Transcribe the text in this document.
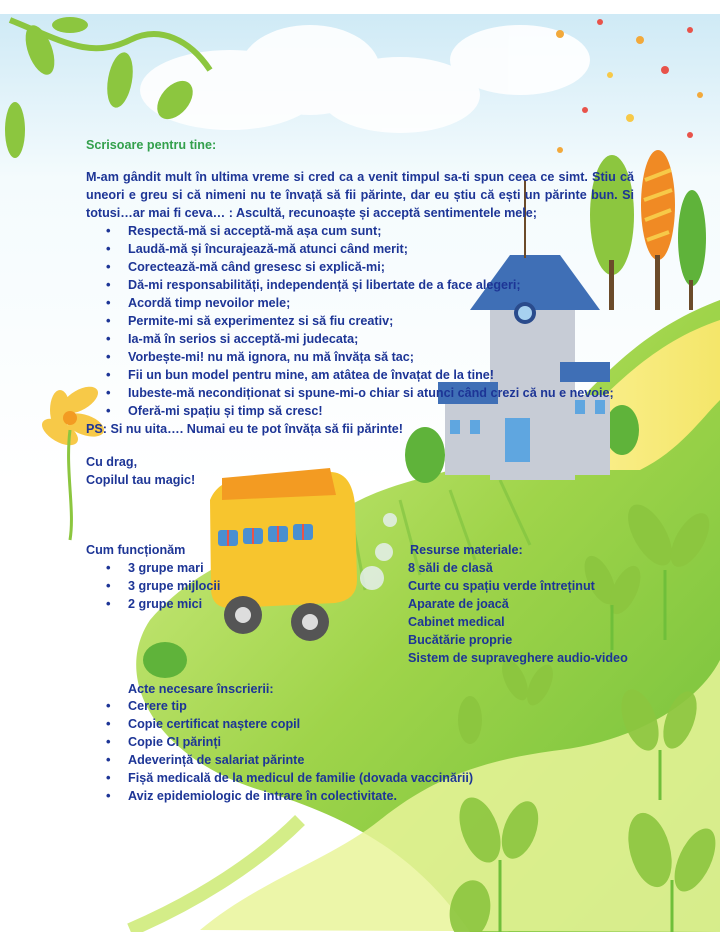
Scrisoare pentru tine:
M-am gândit mult în ultima vreme si cred ca a venit timpul sa-ti spun ceea ce simt. Stiu că uneori e greu si că nimeni nu te învață să fii părinte, dar eu știu că ești un părinte bun. Si totusi…ar mai fi ceva… : Ascultă, recunoaște și acceptă sentimentele mele;
• Respectă-mă si acceptă-mă așa cum sunt;
• Laudă-mă și încurajează-mă atunci când merit;
• Corectează-mă când gresesc si explică-mi;
• Dă-mi responsabilități, independență și libertate de a face alegeri;
• Acordă timp nevoilor mele;
• Permite-mi să experimentez si să fiu creativ;
• Ia-mă în serios si acceptă-mi judecata;
• Vorbește-mi! nu mă ignora, nu mă învăța să tac;
• Fii un bun model pentru mine, am atâtea de învațat de la tine!
• Iubeste-mă necondiționat si spune-mi-o chiar si atunci când crezi că nu e nevoie;
• Oferă-mi spațiu și timp să cresc!
PS: Si nu uita…. Numai eu te pot învăța să fii părinte!
Cu drag,
Copilul tau magic!
Cum funcționăm
• 3 grupe mari
• 3 grupe mijlocii
• 2 grupe mici
Resurse materiale:
8 săli de clasă
Curte cu spațiu verde întreținut
Aparate de joacă
Cabinet medical
Bucătărie proprie
Sistem de supraveghere audio-video
Acte necesare înscrierii:
• Cerere tip
• Copie certificat naștere copil
• Copie CI părinți
• Adeverință de salariat părinte
• Fișă medicală de la medicul de familie (dovada vaccinării)
• Aviz epidemiologic de intrare în colectivitate.
